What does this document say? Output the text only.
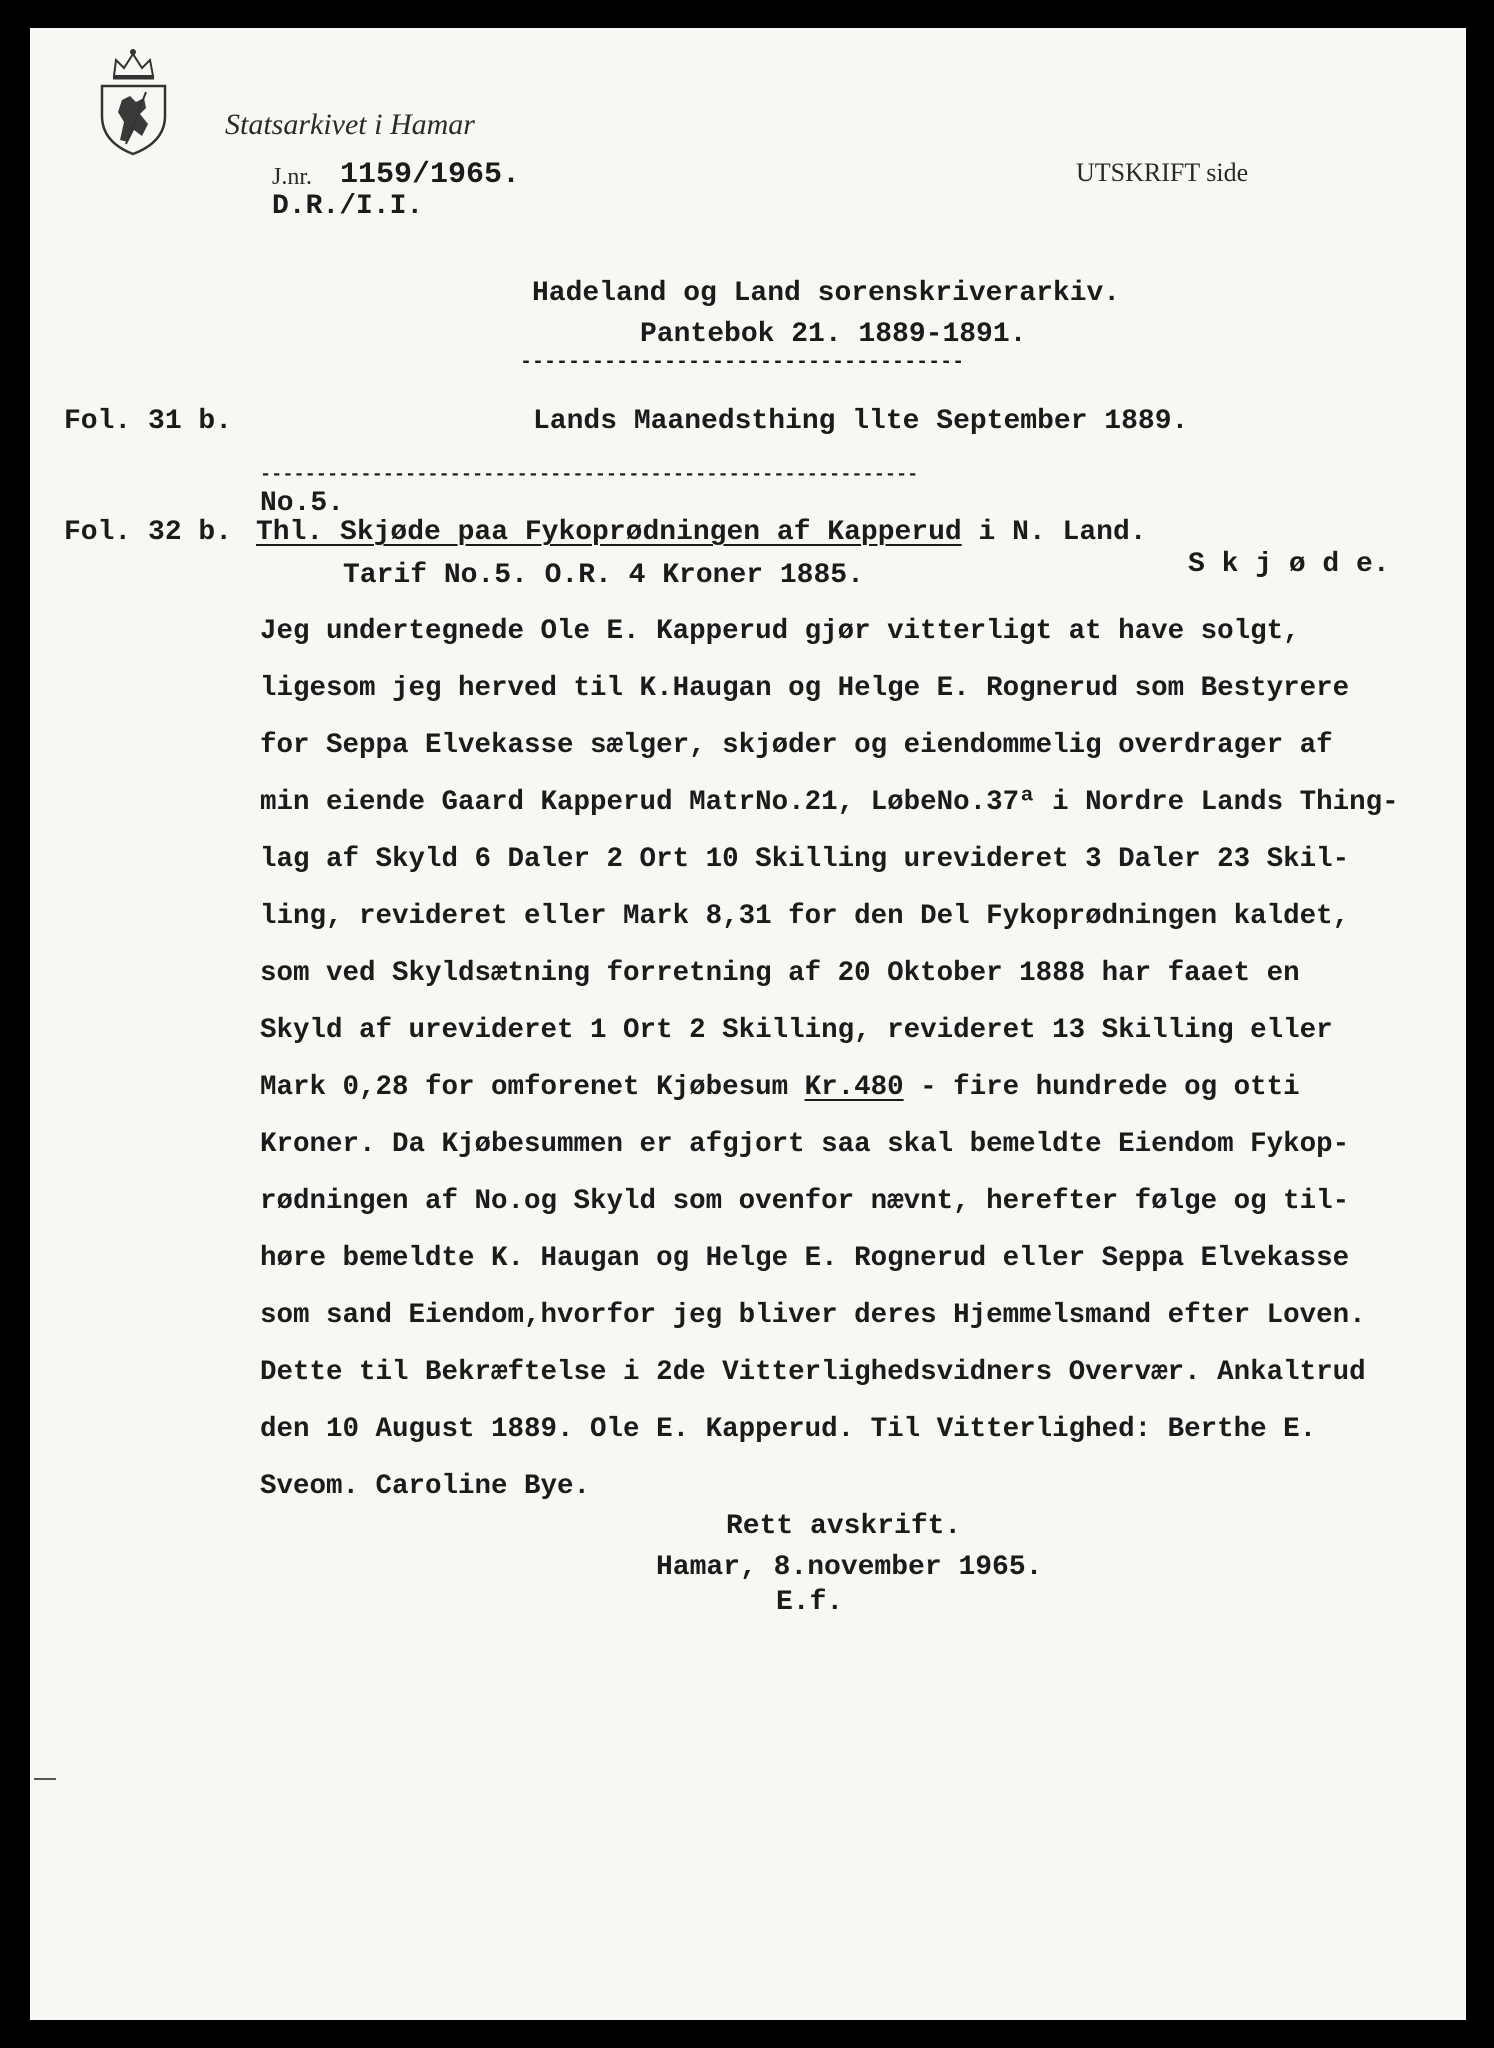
Statsarkivet i Hamar
J.nr. 1159/1965.
D.R./I.I.
UTSKRIFT side
Hadeland og Land sorenskriverarkiv.
Pantebok 21. 1889-1891.
-------------------------------------
Fol. 31 b.	Lands Maanedsthing llte September 1889.
-----------------------------------------------------------
No.5.
Fol. 32 b. Thl. Skjøde paa Fykoprødningen af Kapperud i N. Land.
Tarif No.5. O.R. 4 Kroner 1885.	S k j ø d e.
Jeg undertegnede Ole E. Kapperud gjør vitterligt at have solgt,
ligesom jeg herved til K.Haugan og Helge E. Rognerud som Bestyrere
for Seppa Elvekasse sælger, skjøder og eiendommelig overdrager af
min eiende Gaard Kapperud MatrNo.21, LøbeNo.37ª i Nordre Lands Thing-
lag af Skyld 6 Daler 2 Ort 10 Skilling urevideret 3 Daler 23 Skil-
ling, revideret eller Mark 8,31 for den Del Fykoprødningen kaldet,
som ved Skyldsætning forretning af 20 Oktober 1888 har faaet en
Skyld af urevideret 1 Ort 2 Skilling, revideret 13 Skilling eller
Mark 0,28 for omforenet Kjøbesum Kr.480 - fire hundrede og otti
Kroner. Da Kjøbesummen er afgjort saa skal bemeldte Eiendom Fykop-
rødningen af No.og Skyld som ovenfor nævnt, herefter følge og til-
høre bemeldte K. Haugan og Helge E. Rognerud eller Seppa Elvekasse
som sand Eiendom,hvorfor jeg bliver deres Hjemmelsmand efter Loven.
Dette til Bekræftelse i 2de Vitterlighedsvidners Overvær. Ankaltrud
den 10 August 1889. Ole E. Kapperud. Til Vitterlighed: Berthe E.
Sveom. Caroline Bye.
Rett avskrift.
Hamar, 8.november 1965.
E.f.
